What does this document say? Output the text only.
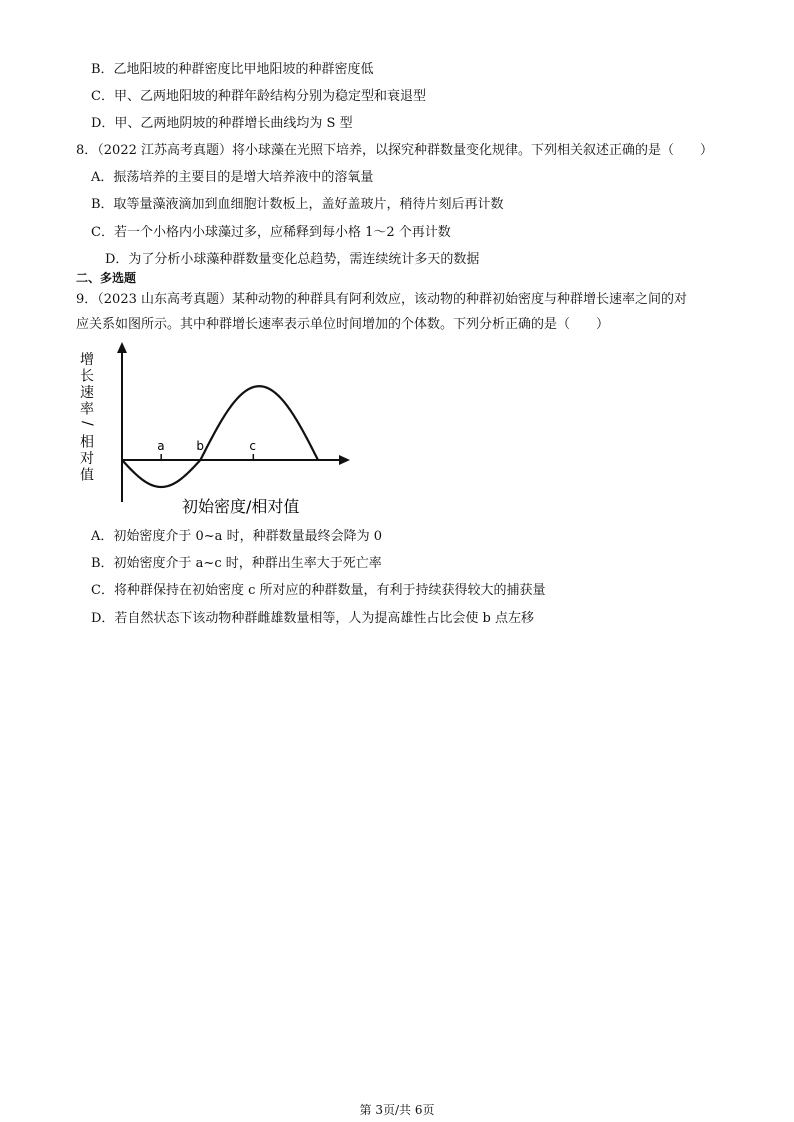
B．乙地阳坡的种群密度比甲地阳坡的种群密度低
C．甲、乙两地阳坡的种群年龄结构分别为稳定型和衰退型
D．甲、乙两地阴坡的种群增长曲线均为 S 型
8．（2022 江苏高考真题）将小球藻在光照下培养，以探究种群数量变化规律。下列相关叙述正确的是（　　）
A．振荡培养的主要目的是增大培养液中的溶氧量
B．取等量藻液滴加到血细胞计数板上，盖好盖玻片，稍待片刻后再计数
C．若一个小格内小球藻过多，应稀释到每小格 1～2 个再计数
D．为了分析小球藻种群数量变化总趋势，需连续统计多天的数据
二、多选题
9．（2023 山东高考真题）某种动物的种群具有阿利效应，该动物的种群初始密度与种群增长速率之间的对
应关系如图所示。其中种群增长速率表示单位时间增加的个体数。下列分析正确的是（　　）
增
长
速
率
/
相
对
值
a	b	c
初始密度/相对值
A．初始密度介于 0~a 时，种群数量最终会降为 0
B．初始密度介于 a~c 时，种群出生率大于死亡率
C．将种群保持在初始密度 c 所对应的种群数量，有利于持续获得较大的捕获量
D．若自然状态下该动物种群雌雄数量相等，人为提高雄性占比会使 b 点左移
第 3页/共 6页
